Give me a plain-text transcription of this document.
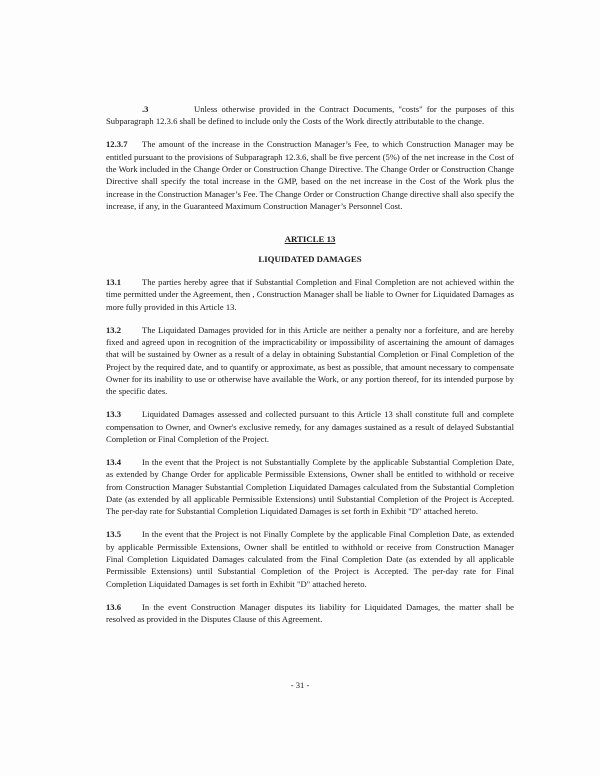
.3	Unless otherwise provided in the Contract Documents, "costs" for the purposes of this Subparagraph 12.3.6 shall be defined to include only the Costs of the Work directly attributable to the change.

12.3.7 The amount of the increase in the Construction Manager’s Fee, to which Construction Manager may be entitled pursuant to the provisions of Subparagraph 12.3.6, shall be five percent (5%) of the net increase in the Cost of the Work included in the Change Order or Construction Change Directive. The Change Order or Construction Change Directive shall specify the total increase in the GMP, based on the net increase in the Cost of the Work plus the increase in the Construction Manager’s Fee. The Change Order or Construction Change directive shall also specify the increase, if any, in the Guaranteed Maximum Construction Manager’s Personnel Cost.

ARTICLE 13
LIQUIDATED DAMAGES

13.1 The parties hereby agree that if Substantial Completion and Final Completion are not achieved within the time permitted under the Agreement, then , Construction Manager shall be liable to Owner for Liquidated Damages as more fully provided in this Article 13.

13.2 The Liquidated Damages provided for in this Article are neither a penalty nor a forfeiture, and are hereby fixed and agreed upon in recognition of the impracticability or impossibility of ascertaining the amount of damages that will be sustained by Owner as a result of a delay in obtaining Substantial Completion or Final Completion of the Project by the required date, and to quantify or approximate, as best as possible, that amount necessary to compensate Owner for its inability to use or otherwise have available the Work, or any portion thereof, for its intended purpose by the specific dates.

13.3 Liquidated Damages assessed and collected pursuant to this Article 13 shall constitute full and complete compensation to Owner, and Owner's exclusive remedy, for any damages sustained as a result of delayed Substantial Completion or Final Completion of the Project.

13.4 In the event that the Project is not Substantially Complete by the applicable Substantial Completion Date, as extended by Change Order for applicable Permissible Extensions, Owner shall be entitled to withhold or receive from Construction Manager Substantial Completion Liquidated Damages calculated from the Substantial Completion Date (as extended by all applicable Permissible Extensions) until Substantial Completion of the Project is Accepted. The per-day rate for Substantial Completion Liquidated Damages is set forth in Exhibit "D" attached hereto.

13.5 In the event that the Project is not Finally Complete by the applicable Final Completion Date, as extended by applicable Permissible Extensions, Owner shall be entitled to withhold or receive from Construction Manager Final Completion Liquidated Damages calculated from the Final Completion Date (as extended by all applicable Permissible Extensions) until Substantial Completion of the Project is Accepted. The per-day rate for Final Completion Liquidated Damages is set forth in Exhibit "D" attached hereto.

13.6 In the event Construction Manager disputes its liability for Liquidated Damages, the matter shall be resolved as provided in the Disputes Clause of this Agreement.

- 31 -
